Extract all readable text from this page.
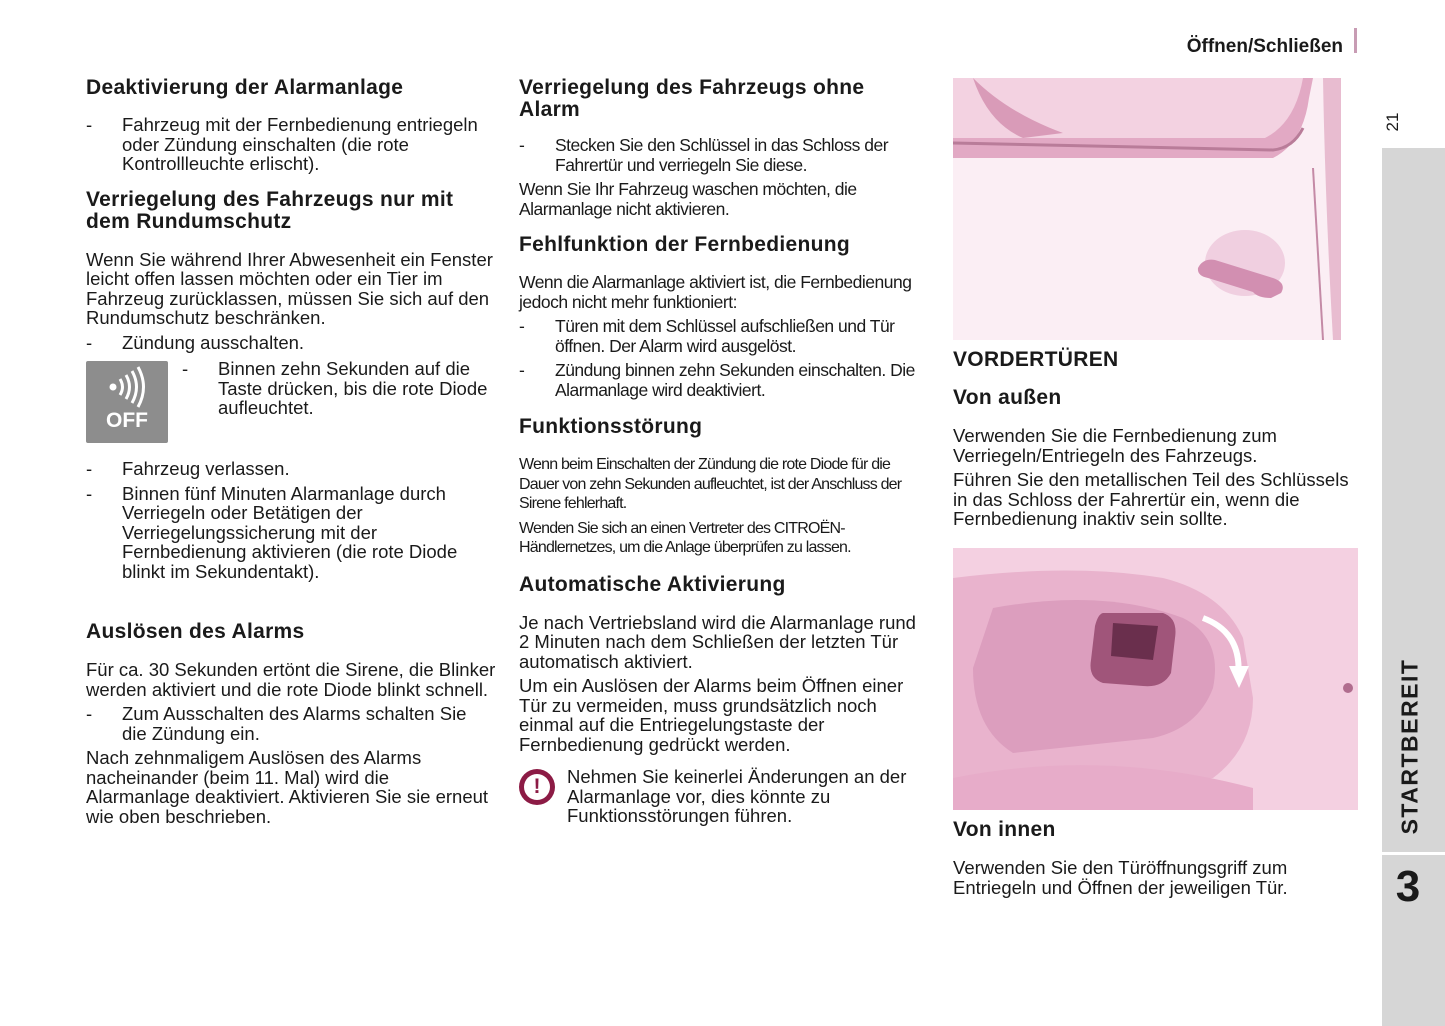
Öffnen/Schließen
21
STARTBEREIT
3
Deaktivierung der Alarmanlage
-	Fahrzeug mit der Fernbedienung entriegeln oder Zündung einschalten (die rote Kontrollleuchte erlischt).
Verriegelung des Fahrzeugs nur mit dem Rundumschutz

Wenn Sie während Ihrer Abwesenheit ein Fenster leicht offen lassen möchten oder ein Tier im Fahrzeug zurücklassen, müssen Sie sich auf den Rundumschutz beschränken.

-	Zündung ausschalten.
OFF
-	Binnen zehn Sekunden auf die Taste drücken, bis die rote Diode aufleuchtet.
-	Fahrzeug verlassen.
-	Binnen fünf Minuten Alarmanlage durch Verriegeln oder Betätigen der Verriegelungssicherung mit der Fernbedienung aktivieren (die rote Diode blinkt im Sekundentakt).
Auslösen des Alarms

Für ca. 30 Sekunden ertönt die Sirene, die Blinker werden aktiviert und die rote Diode blinkt schnell.

-	Zum Ausschalten des Alarms schalten Sie die Zündung ein.

Nach zehnmaligem Auslösen des Alarms nacheinander (beim 11. Mal) wird die Alarmanlage deaktiviert. Aktivieren Sie sie erneut wie oben beschrieben.

Verriegelung des Fahrzeugs ohne Alarm
-	Stecken Sie den Schlüssel in das Schloss der Fahrertür und verriegeln Sie diese.

Wenn Sie Ihr Fahrzeug waschen möchten, die Alarmanlage nicht aktivieren.

Fehlfunktion der Fernbedienung

Wenn die Alarmanlage aktiviert ist, die Fernbedienung jedoch nicht mehr funktioniert:

-	Türen mit dem Schlüssel aufschließen und Tür öffnen. Der Alarm wird ausgelöst.
-	Zündung binnen zehn Sekunden einschalten. Die Alarmanlage wird deaktiviert.
Funktionsstörung

Wenn beim Einschalten der Zündung die rote Diode für die Dauer von zehn Sekunden aufleuchtet, ist der Anschluss der Sirene fehlerhaft.

Wenden Sie sich an einen Vertreter des CITROËN-Händlernetzes, um die Anlage überprüfen zu lassen.

Automatische Aktivierung

Je nach Vertriebsland wird die Alarmanlage rund 2 Minuten nach dem Schließen der letzten Tür automatisch aktiviert.

Um ein Auslösen der Alarms beim Öffnen einer Tür zu vermeiden, muss grundsätzlich noch einmal auf die Entriegelungstaste der Fernbedienung gedrückt werden.

!	Nehmen Sie keinerlei Änderungen an der Alarmanlage vor, dies könnte zu Funktionsstörungen führen.

VORDERTÜREN
Von außen

Verwenden Sie die Fernbedienung zum Verriegeln/Entriegeln des Fahrzeugs.

Führen Sie den metallischen Teil des Schlüssels in das Schloss der Fahrertür ein, wenn die Fernbedienung inaktiv sein sollte.

Von innen

Verwenden Sie den Türöffnungsgriff zum Entriegeln und Öffnen der jeweiligen Tür.
